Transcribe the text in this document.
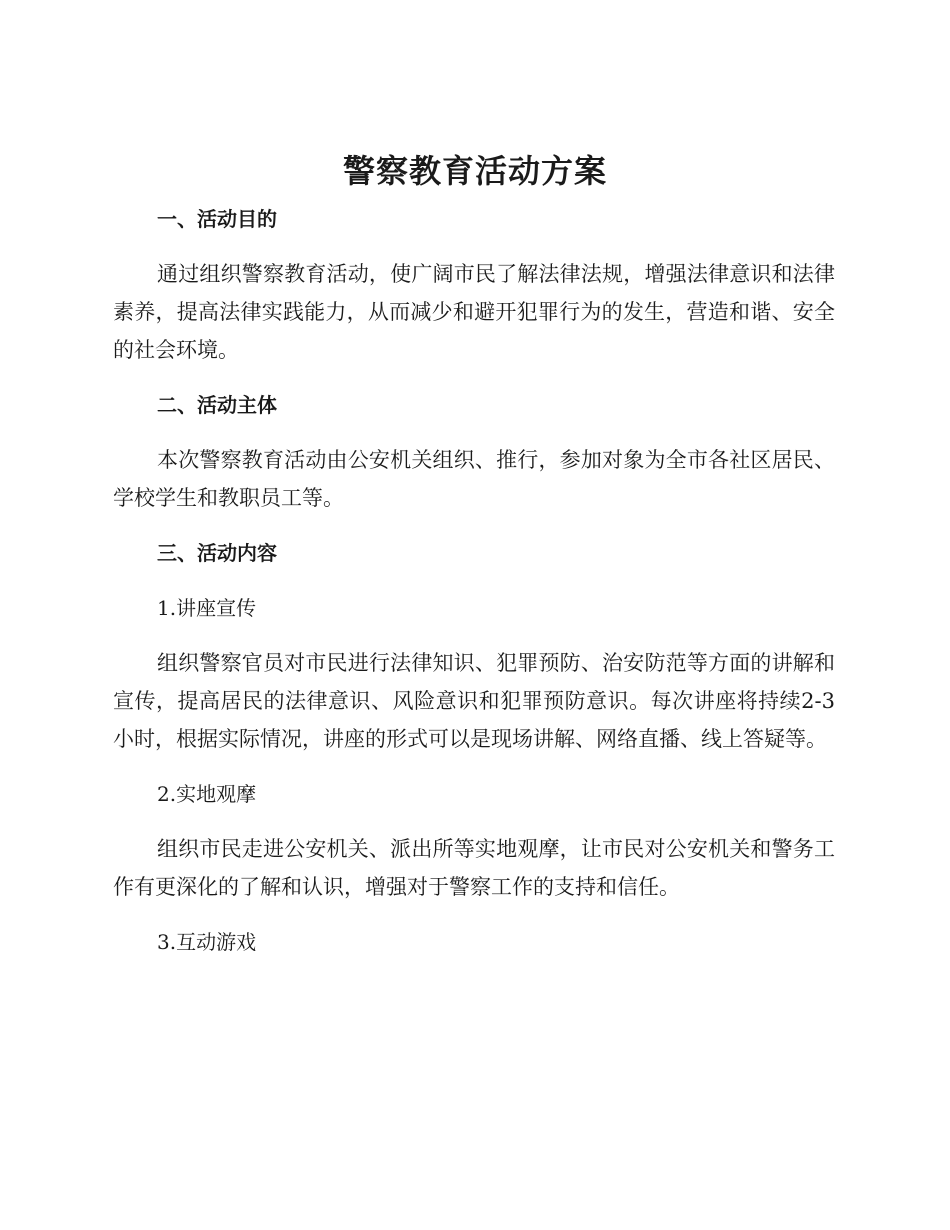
警察教育活动方案

一、活动目的

通过组织警察教育活动，使广阔市民了解法律法规，增强法律意识和法律素养，提高法律实践能力，从而减少和避开犯罪行为的发生，营造和谐、安全的社会环境。

二、活动主体

本次警察教育活动由公安机关组织、推行，参加对象为全市各社区居民、学校学生和教职员工等。

三、活动内容

1.讲座宣传

组织警察官员对市民进行法律知识、犯罪预防、治安防范等方面的讲解和宣传，提高居民的法律意识、风险意识和犯罪预防意识。每次讲座将持续2-3小时，根据实际情况，讲座的形式可以是现场讲解、网络直播、线上答疑等。

2.实地观摩

组织市民走进公安机关、派出所等实地观摩，让市民对公安机关和警务工作有更深化的了解和认识，增强对于警察工作的支持和信任。

3.互动游戏
